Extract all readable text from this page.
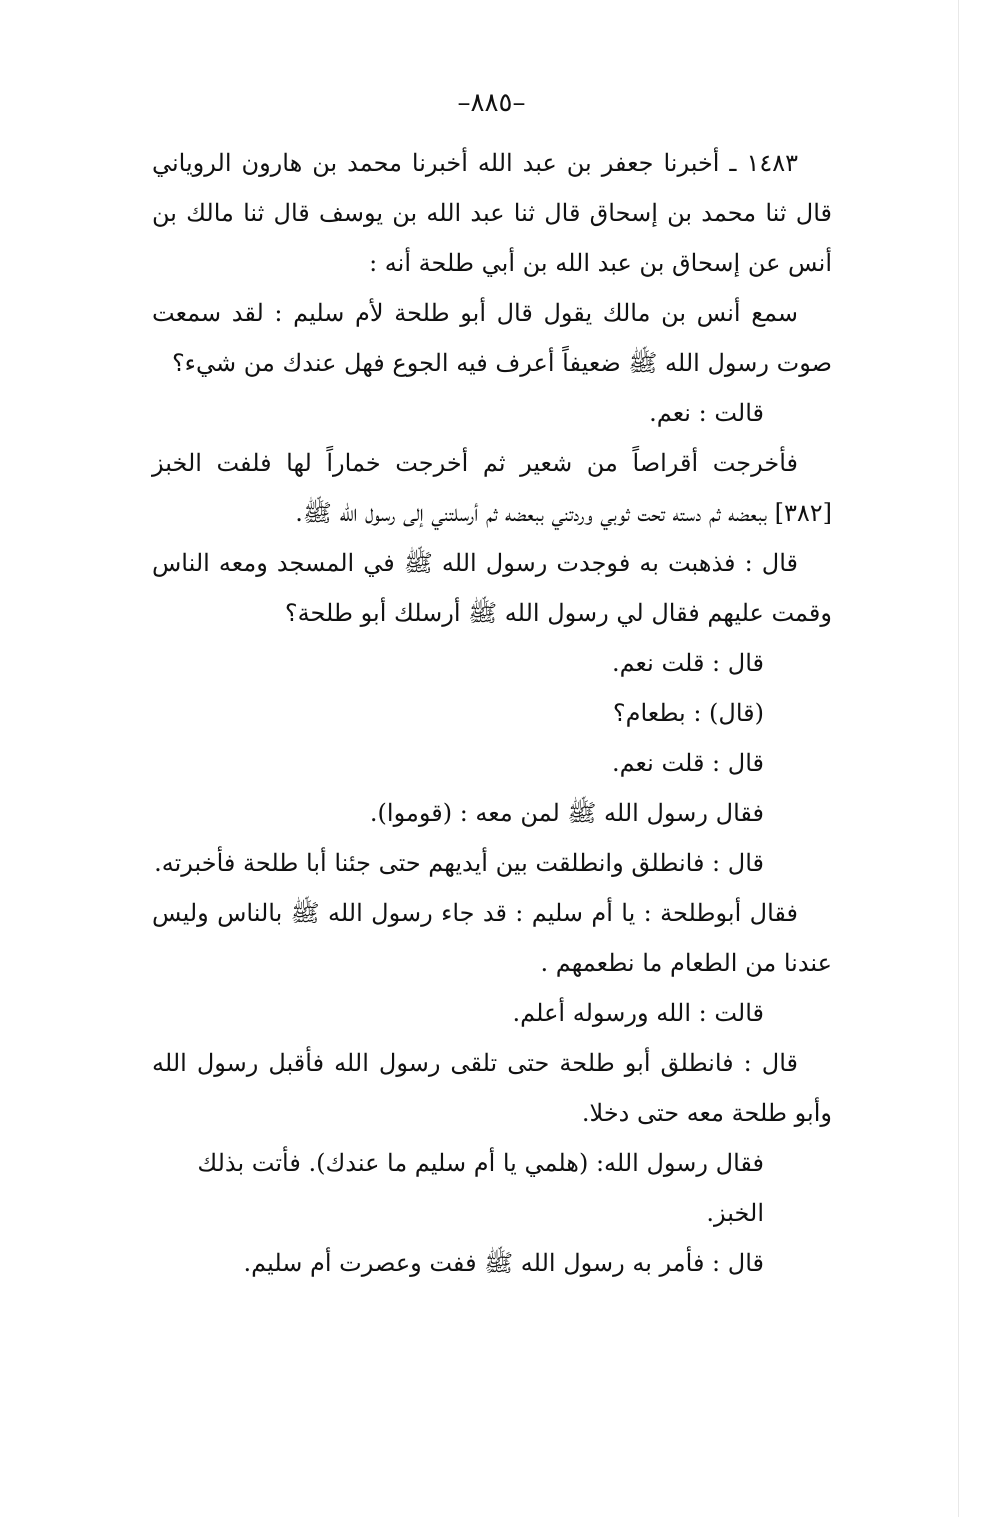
–٨٨٥–

١٤٨٣ ـ أخبرنا جعفر بن عبد الله أخبرنا محمد بن هارون الروياني قال ثنا محمد بن إسحاق قال ثنا عبد الله بن يوسف قال ثنا مالك بن أنس عن إسحاق بن عبد الله بن أبي طلحة أنه :

سمع أنس بن مالك يقول قال أبو طلحة لأم سليم : لقد سمعت صوت رسول الله ﷺ ضعيفاً أعرف فيه الجوع فهل عندك من شيء؟

قالت : نعم.

فأخرجت أقراصاً من شعير ثم أخرجت خماراً لها فلفت الخبز [٣٨٢] ببعضه ثم دسته تحت ثوبي وردتني ببعضه ثم أرسلتني إلى رسول الله ﷺ.

قال : فذهبت به فوجدت رسول الله ﷺ في المسجد ومعه الناس وقمت عليهم فقال لي رسول الله ﷺ أرسلك أبو طلحة؟

قال : قلت نعم.

(قال) : بطعام؟

قال : قلت نعم.

فقال رسول الله ﷺ لمن معه : (قوموا).

قال : فانطلق وانطلقت بين أيديهم حتى جئنا أبا طلحة فأخبرته.

فقال أبوطلحة : يا أم سليم : قد جاء رسول الله ﷺ بالناس وليس عندنا من الطعام ما نطعمهم .

قالت : الله ورسوله أعلم.

قال : فانطلق أبو طلحة حتى تلقى رسول الله فأقبل رسول الله وأبو طلحة معه حتى دخلا.

فقال رسول الله: (هلمي يا أم سليم ما عندك). فأتت بذلك الخبز.

قال : فأمر به رسول الله ﷺ ففت وعصرت أم سليم.
